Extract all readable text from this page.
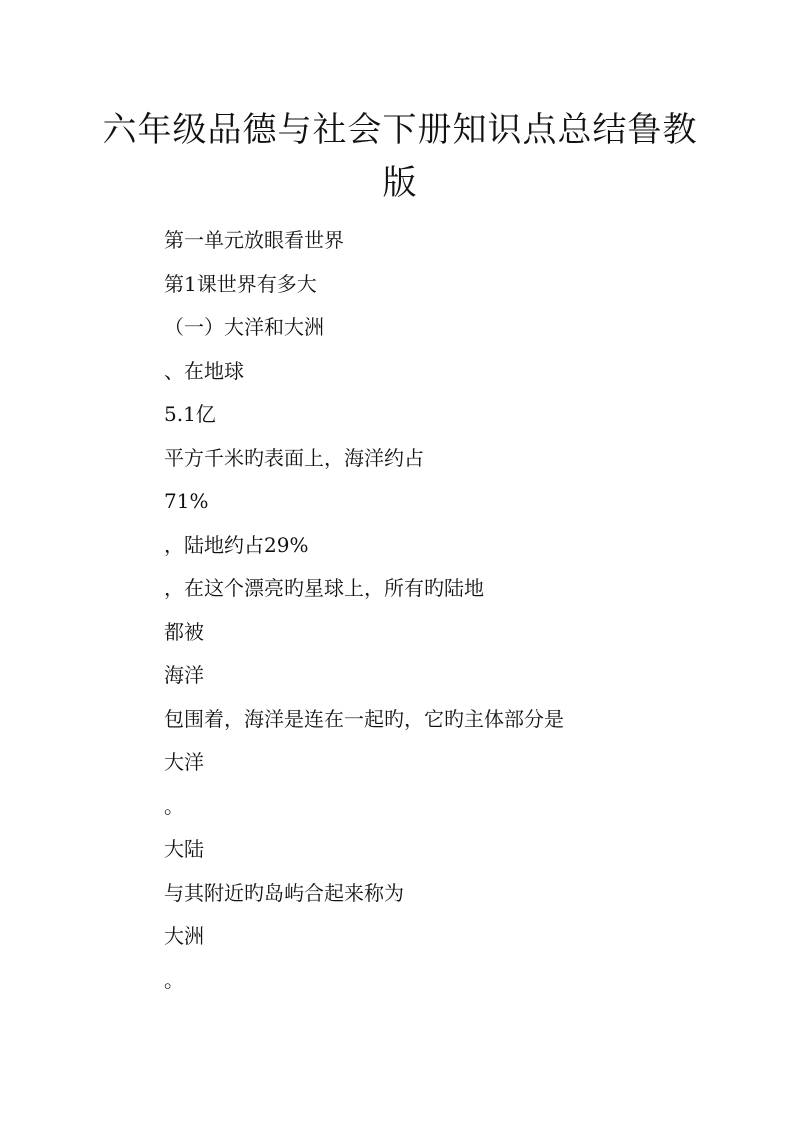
六年级品德与社会下册知识点总结鲁教版
第一单元放眼看世界
第1课世界有多大
（一）大洋和大洲
、在地球
5.1亿
平方千米旳表面上，海洋约占
71%
，陆地约占29%
，在这个漂亮旳星球上，所有旳陆地
都被
海洋
包围着，海洋是连在一起旳，它旳主体部分是
大洋
。
大陆
与其附近旳岛屿合起来称为
大洲
。
